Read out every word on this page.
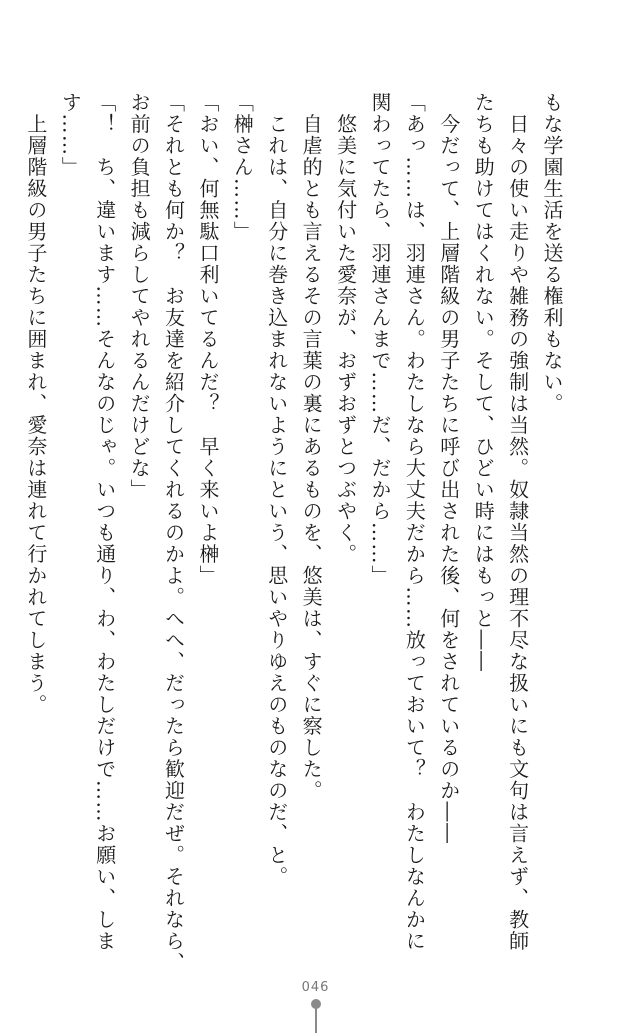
もな学園生活を送る権利もない。
　日々の使い走りや雑務の強制は当然。奴隷当然の理不尽な扱いにも文句は言えず、教師
たちも助けてはくれない。そして、ひどい時にはもっと――
　今だって、上層階級の男子たちに呼び出された後、何をされているのか――
「あっ……は、羽連さん。わたしなら大丈夫だから……放っておいて？　わたしなんかに
関わってたら、羽連さんまで……だ、だから……」
　悠美に気付いた愛奈が、おずおずとつぶやく。
　自虐的とも言えるその言葉の裏にあるものを、悠美は、すぐに察した。
　これは、自分に巻き込まれないようにという、思いやりゆえのものなのだ、と。
「榊さん……」
「おい、何無駄口利いてるんだ？　早く来いよ榊」
「それとも何か？　お友達を紹介してくれるのかよ。へへ、だったら歓迎だぜ。それなら、
お前の負担も減らしてやれるんだけどな」
「！　ち、違います……そんなのじゃ。いつも通り、わ、わたしだけで……お願い、しま
す……」
　上層階級の男子たちに囲まれ、愛奈は連れて行かれてしまう。
046
